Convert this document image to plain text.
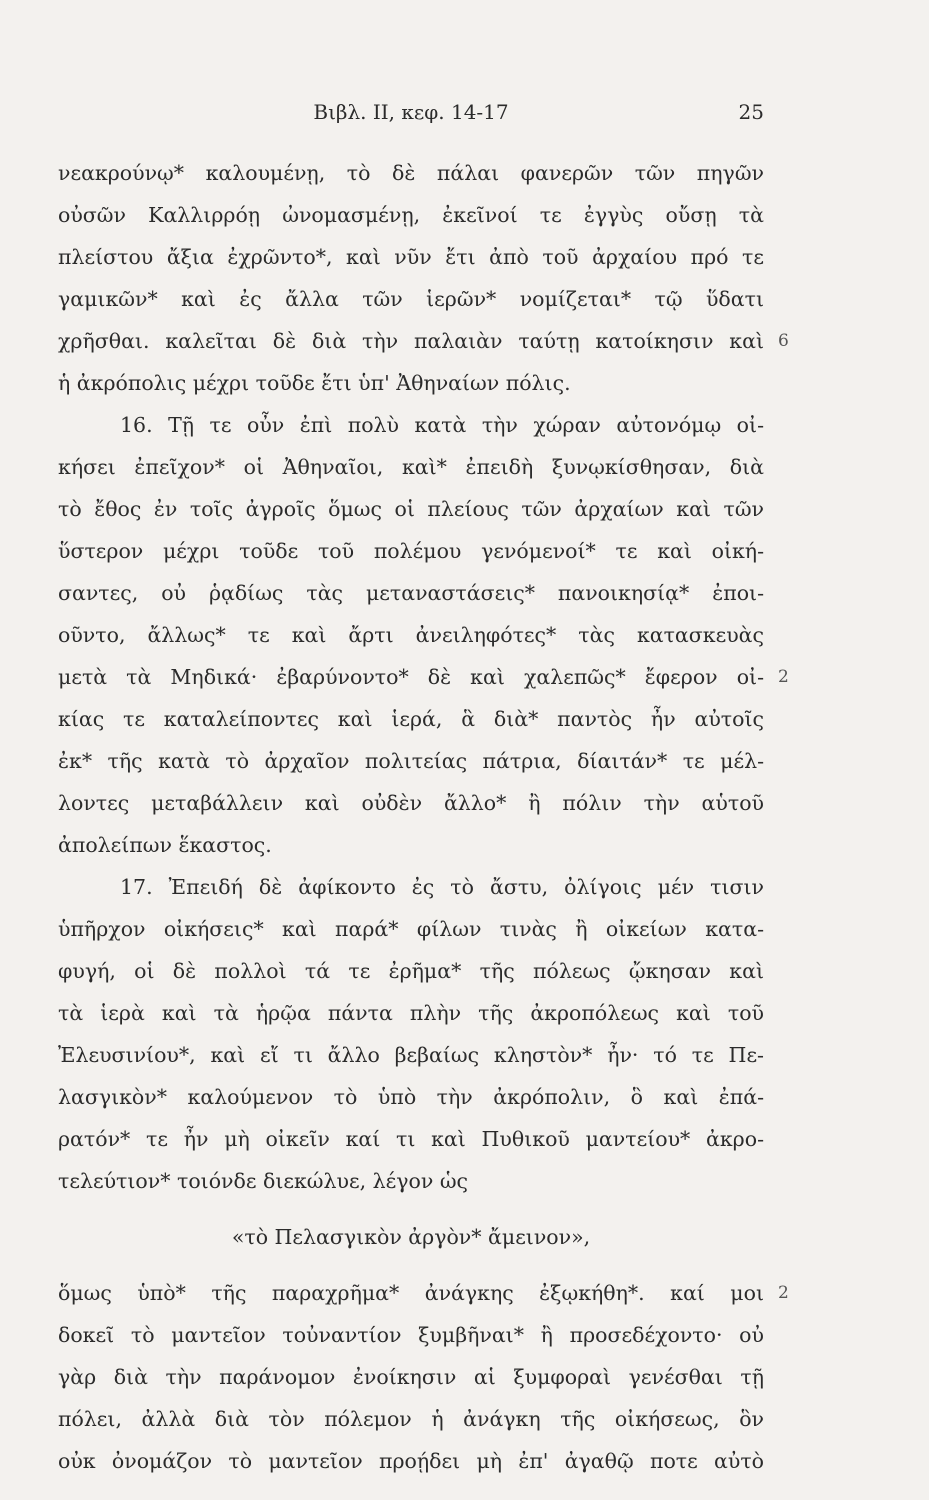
Βιβλ. ΙΙ, κεφ. 14-17	25
νεακρούνῳ* καλουμένῃ, τὸ δὲ πάλαι φανερῶν τῶν πηγῶν
οὐσῶν Καλλιρρόῃ ὠνομασμένῃ, ἐκεῖνοί τε ἐγγὺς οὔσῃ τὰ
πλείστου ἄξια ἐχρῶντο*, καὶ νῦν ἔτι ἀπὸ τοῦ ἀρχαίου πρό τε
γαμικῶν* καὶ ἐς ἄλλα τῶν ἱερῶν* νομίζεται* τῷ ὕδατι
χρῆσθαι. καλεῖται δὲ διὰ τὴν παλαιὰν ταύτῃ κατοίκησιν καὶ
ἡ ἀκρόπολις μέχρι τοῦδε ἔτι ὑπ' Ἀθηναίων πόλις.
16. Τῇ τε οὖν ἐπὶ πολὺ κατὰ τὴν χώραν αὐτονόμῳ οἰ-
κήσει ἐπεῖχον* οἱ Ἀθηναῖοι, καὶ* ἐπειδὴ ξυνῳκίσθησαν, διὰ
τὸ ἔθος ἐν τοῖς ἀγροῖς ὅμως οἱ πλείους τῶν ἀρχαίων καὶ τῶν
ὕστερον μέχρι τοῦδε τοῦ πολέμου γενόμενοί* τε καὶ οἰκή-
σαντες, οὐ ῥᾳδίως τὰς μεταναστάσεις* πανοικησίᾳ* ἐποι-
οῦντο, ἄλλως* τε καὶ ἄρτι ἀνειληφότες* τὰς κατασκευὰς
μετὰ τὰ Μηδικά· ἐβαρύνοντο* δὲ καὶ χαλεπῶς* ἔφερον οἰ-
κίας τε καταλείποντες καὶ ἱερά, ἃ διὰ* παντὸς ἦν αὐτοῖς
ἐκ* τῆς κατὰ τὸ ἀρχαῖον πολιτείας πάτρια, δίαιτάν* τε μέλ-
λοντες μεταβάλλειν καὶ οὐδὲν ἄλλο* ἢ πόλιν τὴν αὑτοῦ
ἀπολείπων ἕκαστος.
17. Ἐπειδή δὲ ἀφίκοντο ἐς τὸ ἄστυ, ὀλίγοις μέν τισιν
ὑπῆρχον οἰκήσεις* καὶ παρά* φίλων τινὰς ἢ οἰκείων κατα-
φυγή, οἱ δὲ πολλοὶ τά τε ἐρῆμα* τῆς πόλεως ᾤκησαν καὶ
τὰ ἱερὰ καὶ τὰ ἡρῷα πάντα πλὴν τῆς ἀκροπόλεως καὶ τοῦ
Ἐλευσινίου*, καὶ εἴ τι ἄλλο βεβαίως κληστὸν* ἦν· τό τε Πε-
λασγικὸν* καλούμενον τὸ ὑπὸ τὴν ἀκρόπολιν, ὃ καὶ ἐπά-
ρατόν* τε ἦν μὴ οἰκεῖν καί τι καὶ Πυθικοῦ μαντείου* ἀκρο-
τελεύτιον* τοιόνδε διεκώλυε, λέγον ὡς
«τὸ Πελασγικὸν ἀργὸν* ἄμεινον»,
ὅμως ὑπὸ* τῆς παραχρῆμα* ἀνάγκης ἐξῳκήθη*. καί μοι
δοκεῖ τὸ μαντεῖον τοὐναντίον ξυμβῆναι* ἢ προσεδέχοντο· οὐ
γὰρ διὰ τὴν παράνομον ἐνοίκησιν αἱ ξυμφοραὶ γενέσθαι τῇ
πόλει, ἀλλὰ διὰ τὸν πόλεμον ἡ ἀνάγκη τῆς οἰκήσεως, ὃν
οὐκ ὀνομάζον τὸ μαντεῖον προῄδει μὴ ἐπ' ἀγαθῷ ποτε αὐτὸ
6
2
2
